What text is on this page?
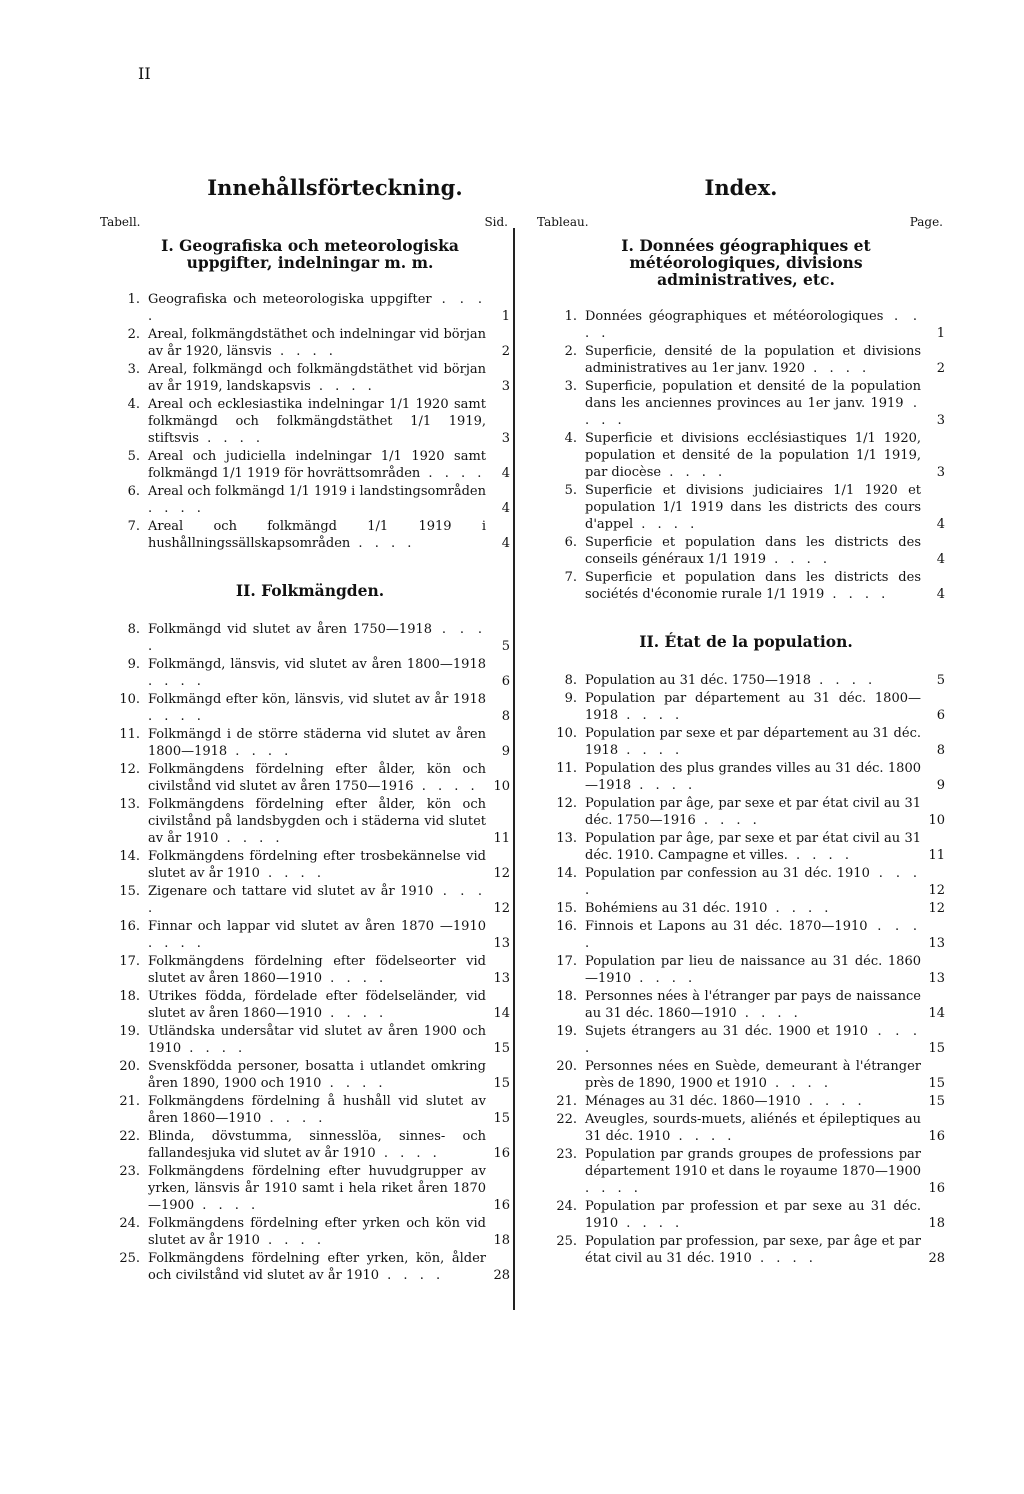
II
Innehållsförteckning.
Tabell.	Sid.
I. Geografiska och meteorologiska uppgifter, indelningar m. m.
1. Geografiska och meteorologiska uppgifter . . . .	1
2. Areal, folkmängdstäthet och indelningar vid början av år 1920, länsvis . . . .	2
3. Areal, folkmängd och folkmängdstäthet vid början av år 1919, landskapsvis . . . .	3
4. Areal och ecklesiastika indelningar 1/1 1920 samt folkmängd och folkmängdstäthet 1/1 1919, stiftsvis . . . .	3
5. Areal och judiciella indelningar 1/1 1920 samt folkmängd 1/1 1919 för hovrättsområden . . . .	4
6. Areal och folkmängd 1/1 1919 i landstingsområden . . . .	4
7. Areal och folkmängd 1/1 1919 i hushållningssällskapsområden . . . .	4
II. Folkmängden.
8. Folkmängd vid slutet av åren 1750—1918 . . . .	5
9. Folkmängd, länsvis, vid slutet av åren 1800—1918 . . . .	6
10. Folkmängd efter kön, länsvis, vid slutet av år 1918 . . . .	8
11. Folkmängd i de större städerna vid slutet av åren 1800—1918 . . . .	9
12. Folkmängdens fördelning efter ålder, kön och civilstånd vid slutet av åren 1750—1916 . . . .	10
13. Folkmängdens fördelning efter ålder, kön och civilstånd på landsbygden och i städerna vid slutet av år 1910 . . . .	11
14. Folkmängdens fördelning efter trosbekännelse vid slutet av år 1910 . . . .	12
15. Zigenare och tattare vid slutet av år 1910 . . . .	12
16. Finnar och lappar vid slutet av åren 1870 —1910 . . . .	13
17. Folkmängdens fördelning efter födelseorter vid slutet av åren 1860—1910 . . . .	13
18. Utrikes födda, fördelade efter födelseländer, vid slutet av åren 1860—1910 . . . .	14
19. Utländska undersåtar vid slutet av åren 1900 och 1910 . . . .	15
20. Svenskfödda personer, bosatta i utlandet omkring åren 1890, 1900 och 1910 . . . .	15
21. Folkmängdens fördelning å hushåll vid slutet av åren 1860—1910 . . . .	15
22. Blinda, dövstumma, sinnesslöa, sinnes- och fallandesjuka vid slutet av år 1910 . . . .	16
23. Folkmängdens fördelning efter huvudgrupper av yrken, länsvis år 1910 samt i hela riket åren 1870—1900 . . . .	16
24. Folkmängdens fördelning efter yrken och kön vid slutet av år 1910 . . . .	18
25. Folkmängdens fördelning efter yrken, kön, ålder och civilstånd vid slutet av år 1910 . . . .	28
Index.
Tableau.	Page.
I. Données géographiques et météorologiques, divisions administratives, etc.
1. Données géographiques et météorologiques . . . .	1
2. Superficie, densité de la population et divisions administratives au 1er janv. 1920 . . . .	2
3. Superficie, population et densité de la population dans les anciennes provinces au 1er janv. 1919 . . . .	3
4. Superficie et divisions ecclésiastiques 1/1 1920, population et densité de la population 1/1 1919, par diocèse . . . .	3
5. Superficie et divisions judiciaires 1/1 1920 et population 1/1 1919 dans les districts des cours d'appel . . . .	4
6. Superficie et population dans les districts des conseils généraux 1/1 1919 . . . .	4
7. Superficie et population dans les districts des sociétés d'économie rurale 1/1 1919 . . . .	4
II. État de la population.
8. Population au 31 déc. 1750—1918 . . . .	5
9. Population par département au 31 déc. 1800—1918 . . . .	6
10. Population par sexe et par département au 31 déc. 1918 . . . .	8
11. Population des plus grandes villes au 31 déc. 1800—1918 . . . .	9
12. Population par âge, par sexe et par état civil au 31 déc. 1750—1916 . . . .	10
13. Population par âge, par sexe et par état civil au 31 déc. 1910. Campagne et villes. . . . .	11
14. Population par confession au 31 déc. 1910 . . . .	12
15. Bohémiens au 31 déc. 1910 . . . .	12
16. Finnois et Lapons au 31 déc. 1870—1910 . . . .	13
17. Population par lieu de naissance au 31 déc. 1860—1910 . . . .	13
18. Personnes nées à l'étranger par pays de naissance au 31 déc. 1860—1910 . . . .	14
19. Sujets étrangers au 31 déc. 1900 et 1910 . . . .	15
20. Personnes nées en Suède, demeurant à l'étranger près de 1890, 1900 et 1910 . . . .	15
21. Ménages au 31 déc. 1860—1910 . . . .	15
22. Aveugles, sourds-muets, aliénés et épileptiques au 31 déc. 1910 . . . .	16
23. Population par grands groupes de professions par département 1910 et dans le royaume 1870—1900 . . . .	16
24. Population par profession et par sexe au 31 déc. 1910 . . . .	18
25. Population par profession, par sexe, par âge et par état civil au 31 déc. 1910 . . . .	28
